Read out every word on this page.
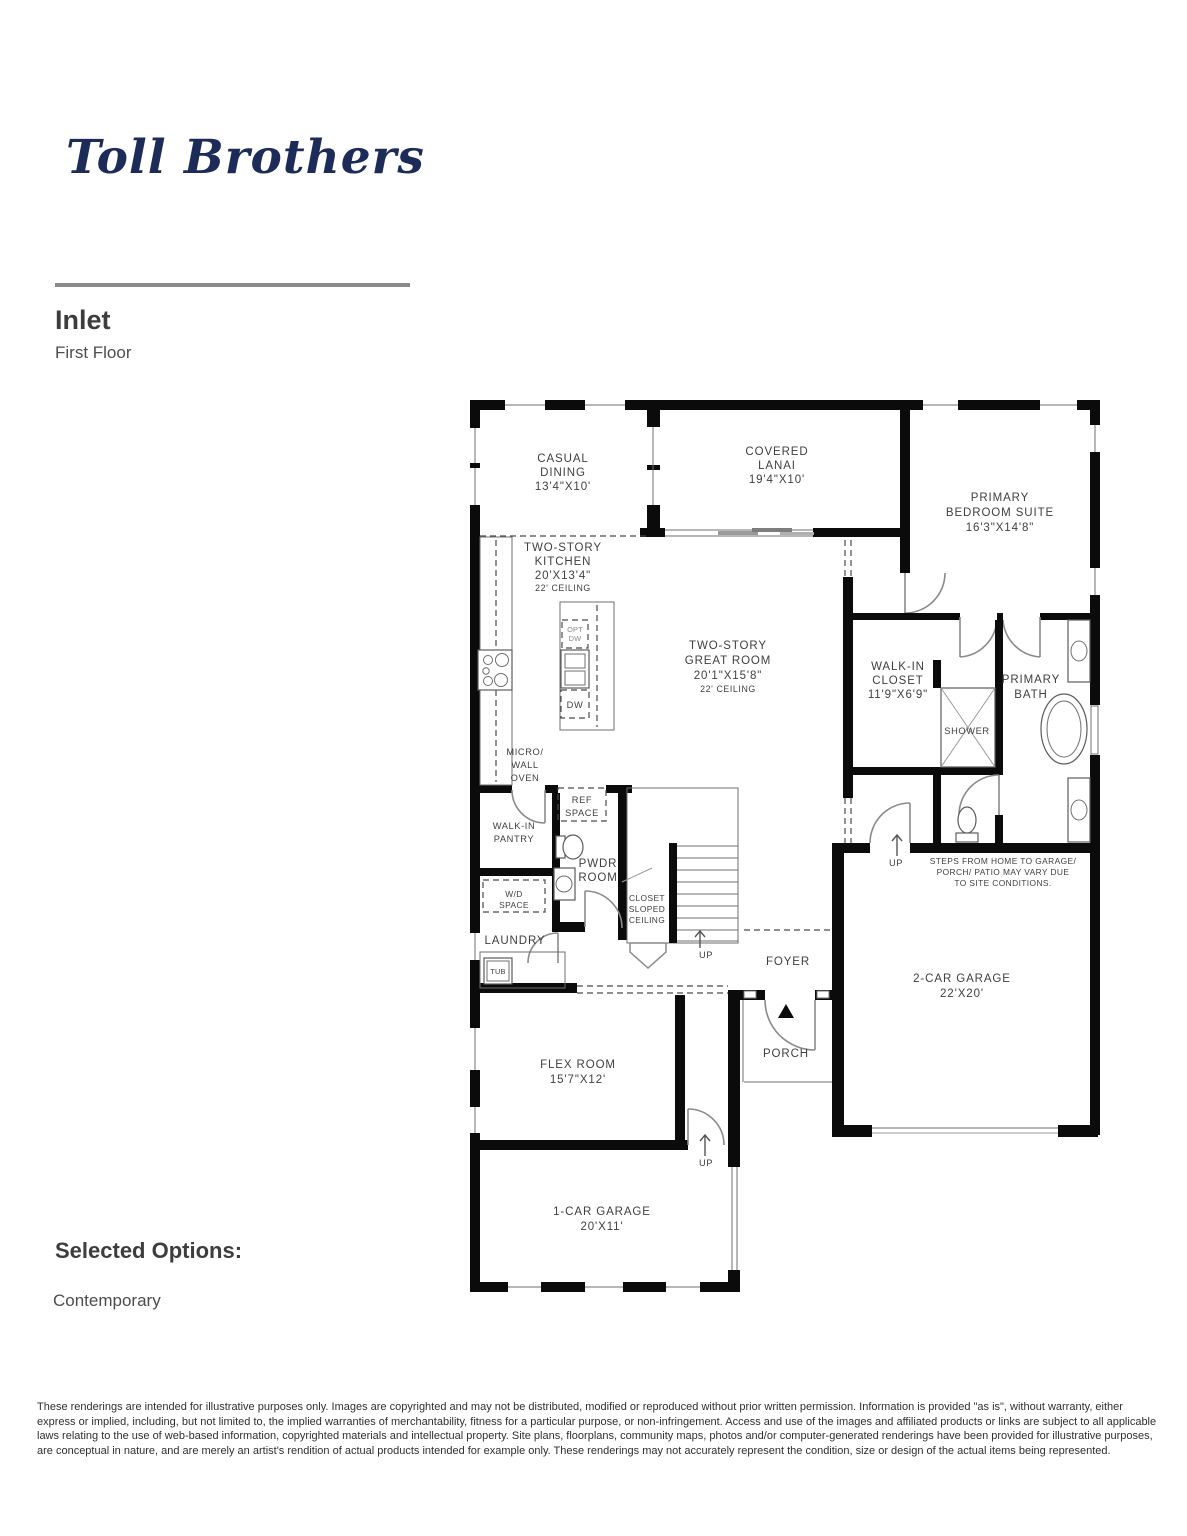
Toll Brothers
Inlet
First Floor
CASUAL
DINING
13'4"X10'
COVERED
LANAI
19'4"X10'
PRIMARY
BEDROOM SUITE
16'3"X14'8"
TWO-STORY
KITCHEN
20'X13'4"
22' CEILING
TWO-STORY
GREAT ROOM
20'1"X15'8"
22' CEILING
WALK-IN
CLOSET
11'9"X6'9"
PRIMARY
BATH
SHOWER
MICRO/
WALL
OVEN
WALK-IN
PANTRY
REF
SPACE
PWDR
ROOM
W/D
SPACE
LAUNDRY
TUB
CLOSET
SLOPED
CEILING
FOYER
PORCH
FLEX ROOM
15'7"X12'
1-CAR GARAGE
20'X11'
2-CAR GARAGE
22'X20'
STEPS FROM HOME TO GARAGE/
PORCH/ PATIO MAY VARY DUE
TO SITE CONDITIONS.
OPT
DW
DW
UP
UP
UP
Selected Options:
Contemporary
These renderings are intended for illustrative purposes only. Images are copyrighted and may not be distributed, modified or reproduced without prior written permission. Information is provided "as is", without warranty, either express or implied, including, but not limited to, the implied warranties of merchantability, fitness for a particular purpose, or non-infringement. Access and use of the images and affiliated products or links are subject to all applicable laws relating to the use of web-based information, copyrighted materials and intellectual property. Site plans, floorplans, community maps, photos and/or computer-generated renderings have been provided for illustrative purposes, are conceptual in nature, and are merely an artist's rendition of actual products intended for example only. These renderings may not accurately represent the condition, size or design of the actual items being represented.
